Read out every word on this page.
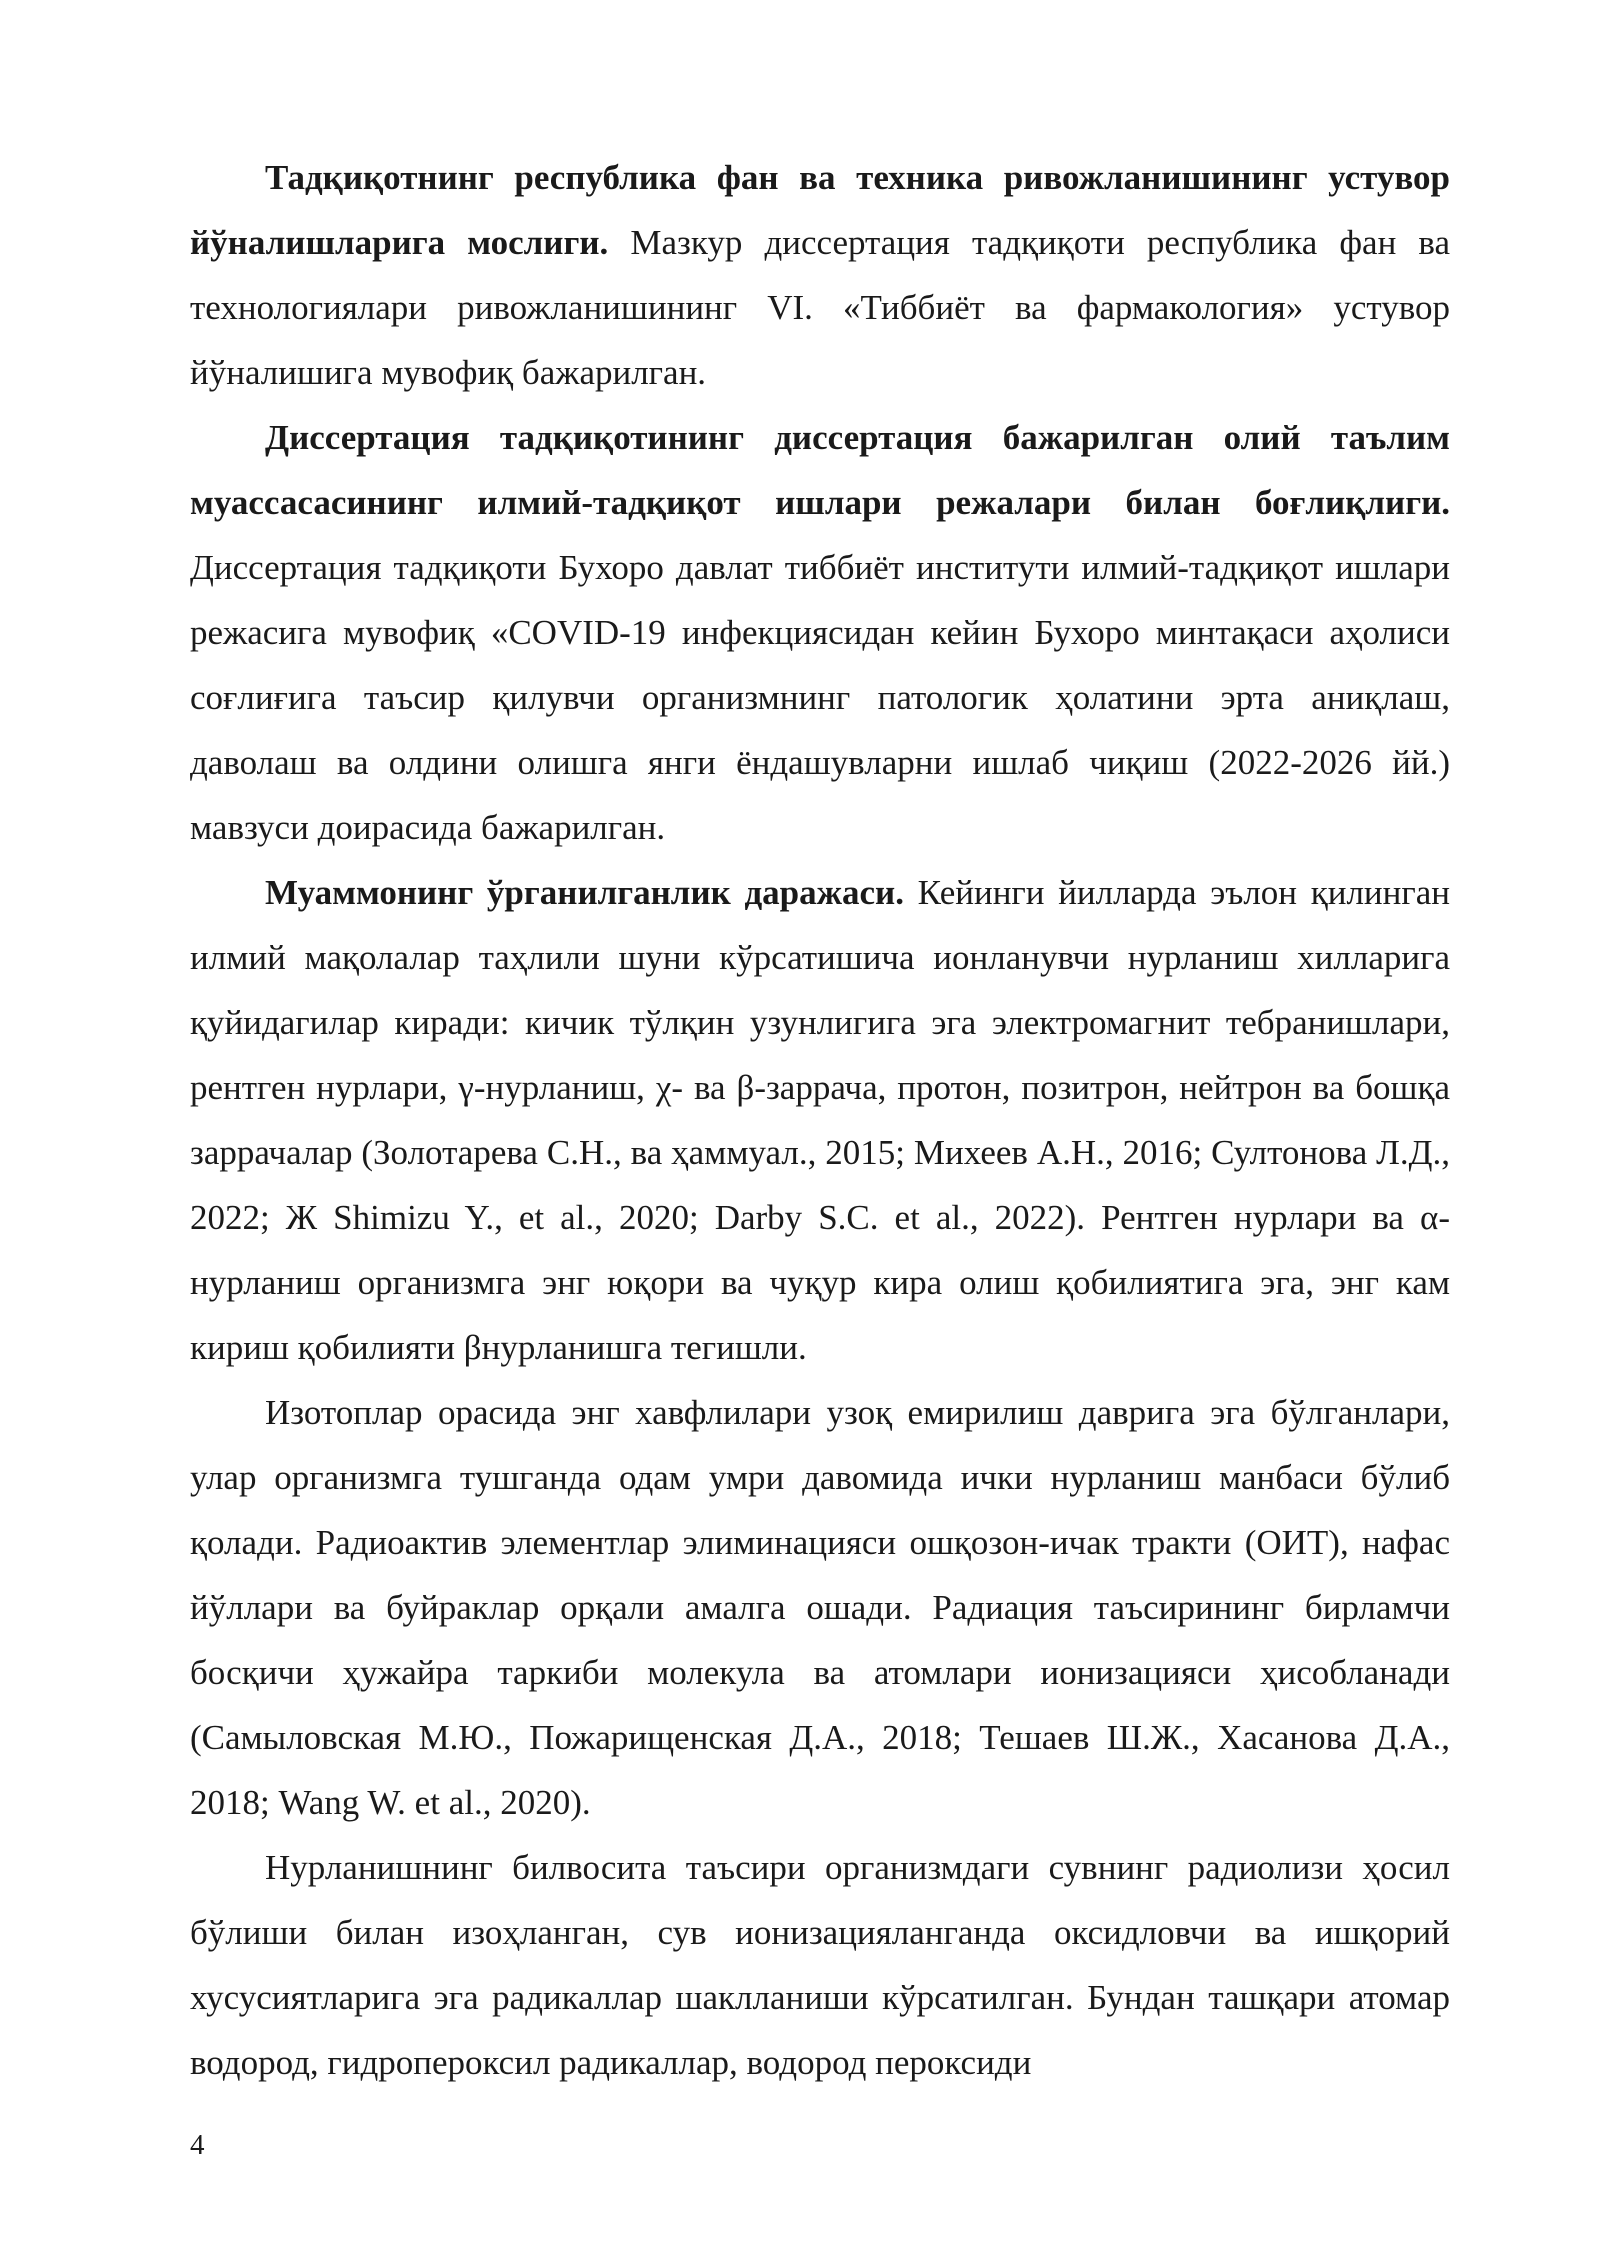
Тадқиқотнинг республика фан ва техника ривожланишининг устувор йўналишларига мослиги. Мазкур диссертация тадқиқоти республика фан ва технологиялари ривожланишининг VI. «Тиббиёт ва фармакология» устувор йўналишига мувофиқ бажарилган.

Диссертация тадқиқотининг диссертация бажарилган олий таълим муассасасининг илмий-тадқиқот ишлари режалари билан боғлиқлиги. Диссертация тадқиқоти Бухоро давлат тиббиёт институти илмий-тадқиқот ишлари режасига мувофиқ «COVID-19 инфекциясидан кейин Бухоро минтақаси аҳолиси соғлиғига таъсир қилувчи организмнинг патологик ҳолатини эрта аниқлаш, даволаш ва олдини олишга янги ёндашувларни ишлаб чиқиш (2022-2026 йй.) мавзуси доирасида бажарилган.

Муаммонинг ўрганилганлик даражаси. Кейинги йилларда эълон қилинган илмий мақолалар таҳлили шуни кўрсатишича ионланувчи нурланиш хилларига қуйидагилар киради: кичик тўлқин узунлигига эга электромагнит тебранишлари, рентген нурлари, γ-нурланиш, χ- ва β-заррача, протон, позитрон, нейтрон ва бошқа заррачалар (Золотарева С.Н., ва ҳаммуал., 2015; Михеев А.Н., 2016; Султонова Л.Д., 2022; Ж Shimizu Y., et al., 2020; Darby S.C. et al., 2022). Рентген нурлари ва α-нурланиш организмга энг юқори ва чуқур кира олиш қобилиятига эга, энг кам кириш қобилияти βнурланишга тегишли.

Изотоплар орасида энг хавфлилари узоқ емирилиш даврига эга бўлганлари, улар организмга тушганда одам умри давомида ички нурланиш манбаси бўлиб қолади. Радиоактив элементлар элиминацияси ошқозон-ичак тракти (ОИТ), нафас йўллари ва буйраклар орқали амалга ошади. Радиация таъсирининг бирламчи босқичи ҳужайра таркиби молекула ва атомлари ионизацияси ҳисобланади (Самыловская М.Ю., Пожарищенская Д.А., 2018; Тешаев Ш.Ж., Хасанова Д.А., 2018; Wang W. et al., 2020).

Нурланишнинг билвосита таъсири организмдаги сувнинг радиолизи ҳосил бўлиши билан изоҳланган, сув ионизацияланганда оксидловчи ва ишқорий хусусиятларига эга радикаллар шаклланиши кўрсатилган. Бундан ташқари атомар водород, гидропероксил радикаллар, водород пероксиди

4
